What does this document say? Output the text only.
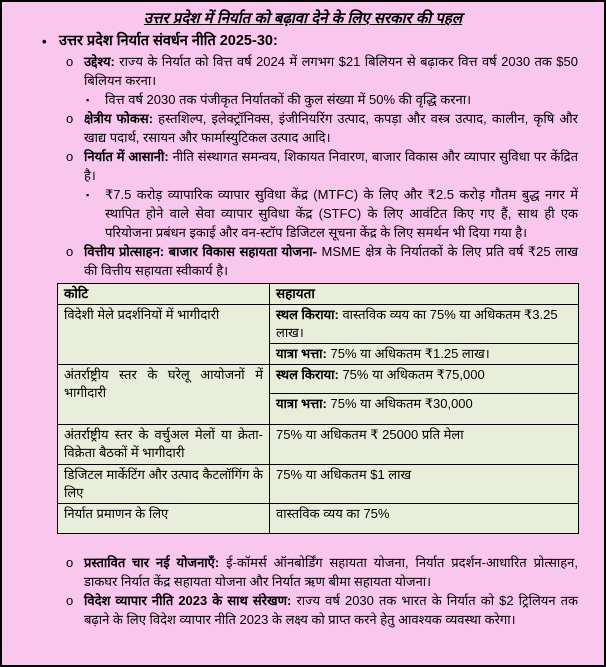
उत्तर प्रदेश में निर्यात को बढ़ावा देने के लिए सरकार की पहल
• उत्तर प्रदेश निर्यात संवर्धन नीति 2025-30:
o उद्देश्य: राज्य के निर्यात को वित्त वर्ष 2024 में लगभग $21 बिलियन से बढ़ाकर वित्त वर्ष 2030 तक $50 बिलियन करना।
▪ वित्त वर्ष 2030 तक पंजीकृत निर्यातकों की कुल संख्या में 50% की वृद्धि करना।
o क्षेत्रीय फोकस: हस्तशिल्प, इलेक्ट्रॉनिक्स, इंजीनियरिंग उत्पाद, कपड़ा और वस्त्र उत्पाद, कालीन, कृषि और खाद्य पदार्थ, रसायन और फार्मास्युटिकल उत्पाद आदि।
o निर्यात में आसानी: नीति संस्थागत समन्वय, शिकायत निवारण, बाजार विकास और व्यापार सुविधा पर केंद्रित है।
▪ ₹7.5 करोड़ व्यापारिक व्यापार सुविधा केंद्र (MTFC) के लिए और ₹2.5 करोड़ गौतम बुद्ध नगर में स्थापित होने वाले सेवा व्यापार सुविधा केंद्र (STFC) के लिए आवंटित किए गए हैं, साथ ही एक परियोजना प्रबंधन इकाई और वन-स्टॉप डिजिटल सूचना केंद्र के लिए समर्थन भी दिया गया है।
o वित्तीय प्रोत्साहन: बाजार विकास सहायता योजना- MSME क्षेत्र के निर्यातकों के लिए प्रति वर्ष ₹25 लाख की वित्तीय सहायता स्वीकार्य है।
कोटि	सहायता
विदेशी मेले प्रदर्शनियों में भागीदारी	स्थल किराया: वास्तविक व्यय का 75% या अधिकतम ₹3.25 लाख।
	यात्रा भत्ता: 75% या अधिकतम ₹1.25 लाख।
अंतर्राष्ट्रीय स्तर के घरेलू आयोजनों में भागीदारी	स्थल किराया: 75% या अधिकतम ₹75,000
	यात्रा भत्ता: 75% या अधिकतम ₹30,000
अंतर्राष्ट्रीय स्तर के वर्चुअल मेलों या क्रेता-विक्रेता बैठकों में भागीदारी	75% या अधिकतम ₹ 25000 प्रति मेला
डिजिटल मार्केटिंग और उत्पाद कैटलॉगिंग के लिए	75% या अधिकतम $1 लाख
निर्यात प्रमाणन के लिए	वास्तविक व्यय का 75%
o प्रस्तावित चार नई योजनाएँ: ई-कॉमर्स ऑनबोर्डिंग सहायता योजना, निर्यात प्रदर्शन-आधारित प्रोत्साहन, डाकघर निर्यात केंद्र सहायता योजना और निर्यात ऋण बीमा सहायता योजना।
o विदेश व्यापार नीति 2023 के साथ संरेखण: राज्य वर्ष 2030 तक भारत के निर्यात को $2 ट्रिलियन तक बढ़ाने के लिए विदेश व्यापार नीति 2023 के लक्ष्य को प्राप्त करने हेतु आवश्यक व्यवस्था करेगा।
